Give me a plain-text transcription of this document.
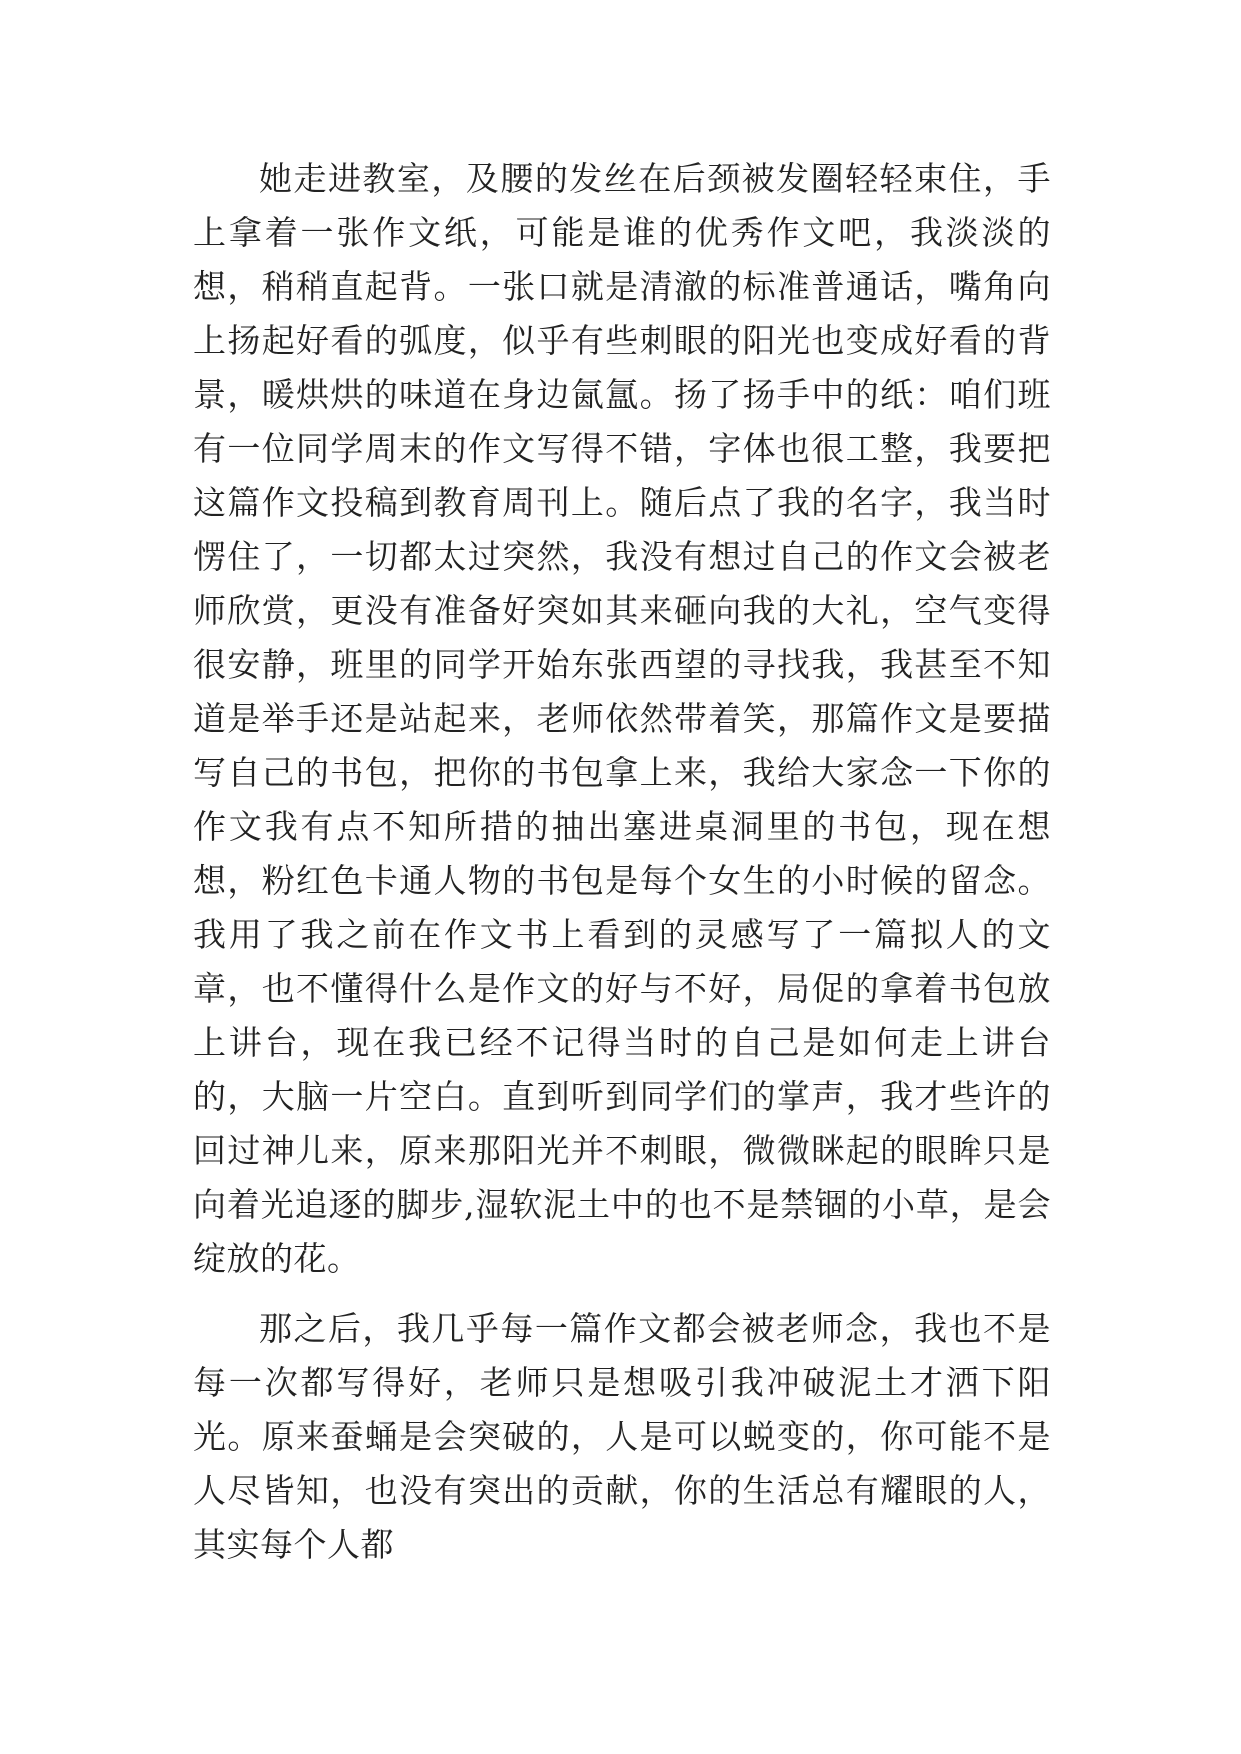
她走进教室，及腰的发丝在后颈被发圈轻轻束住，手上拿着一张作文纸，可能是谁的优秀作文吧，我淡淡的想，稍稍直起背。一张口就是清澈的标准普通话，嘴角向上扬起好看的弧度，似乎有些刺眼的阳光也变成好看的背景，暖烘烘的味道在身边氤氲。扬了扬手中的纸：咱们班有一位同学周末的作文写得不错，字体也很工整，我要把这篇作文投稿到教育周刊上。随后点了我的名字，我当时愣住了，一切都太过突然，我没有想过自己的作文会被老师欣赏，更没有准备好突如其来砸向我的大礼，空气变得很安静，班里的同学开始东张西望的寻找我，我甚至不知道是举手还是站起来，老师依然带着笑，那篇作文是要描写自己的书包，把你的书包拿上来，我给大家念一下你的作文我有点不知所措的抽出塞进桌洞里的书包，现在想想，粉红色卡通人物的书包是每个女生的小时候的留念。我用了我之前在作文书上看到的灵感写了一篇拟人的文章，也不懂得什么是作文的好与不好，局促的拿着书包放上讲台，现在我已经不记得当时的自己是如何走上讲台的，大脑一片空白。直到听到同学们的掌声，我才些许的回过神儿来，原来那阳光并不刺眼，微微眯起的眼眸只是向着光追逐的脚步,湿软泥土中的也不是禁锢的小草，是会绽放的花。

那之后，我几乎每一篇作文都会被老师念，我也不是每一次都写得好，老师只是想吸引我冲破泥土才洒下阳光。原来蚕蛹是会突破的，人是可以蜕变的，你可能不是人尽皆知，也没有突出的贡献，你的生活总有耀眼的人，其实每个人都
